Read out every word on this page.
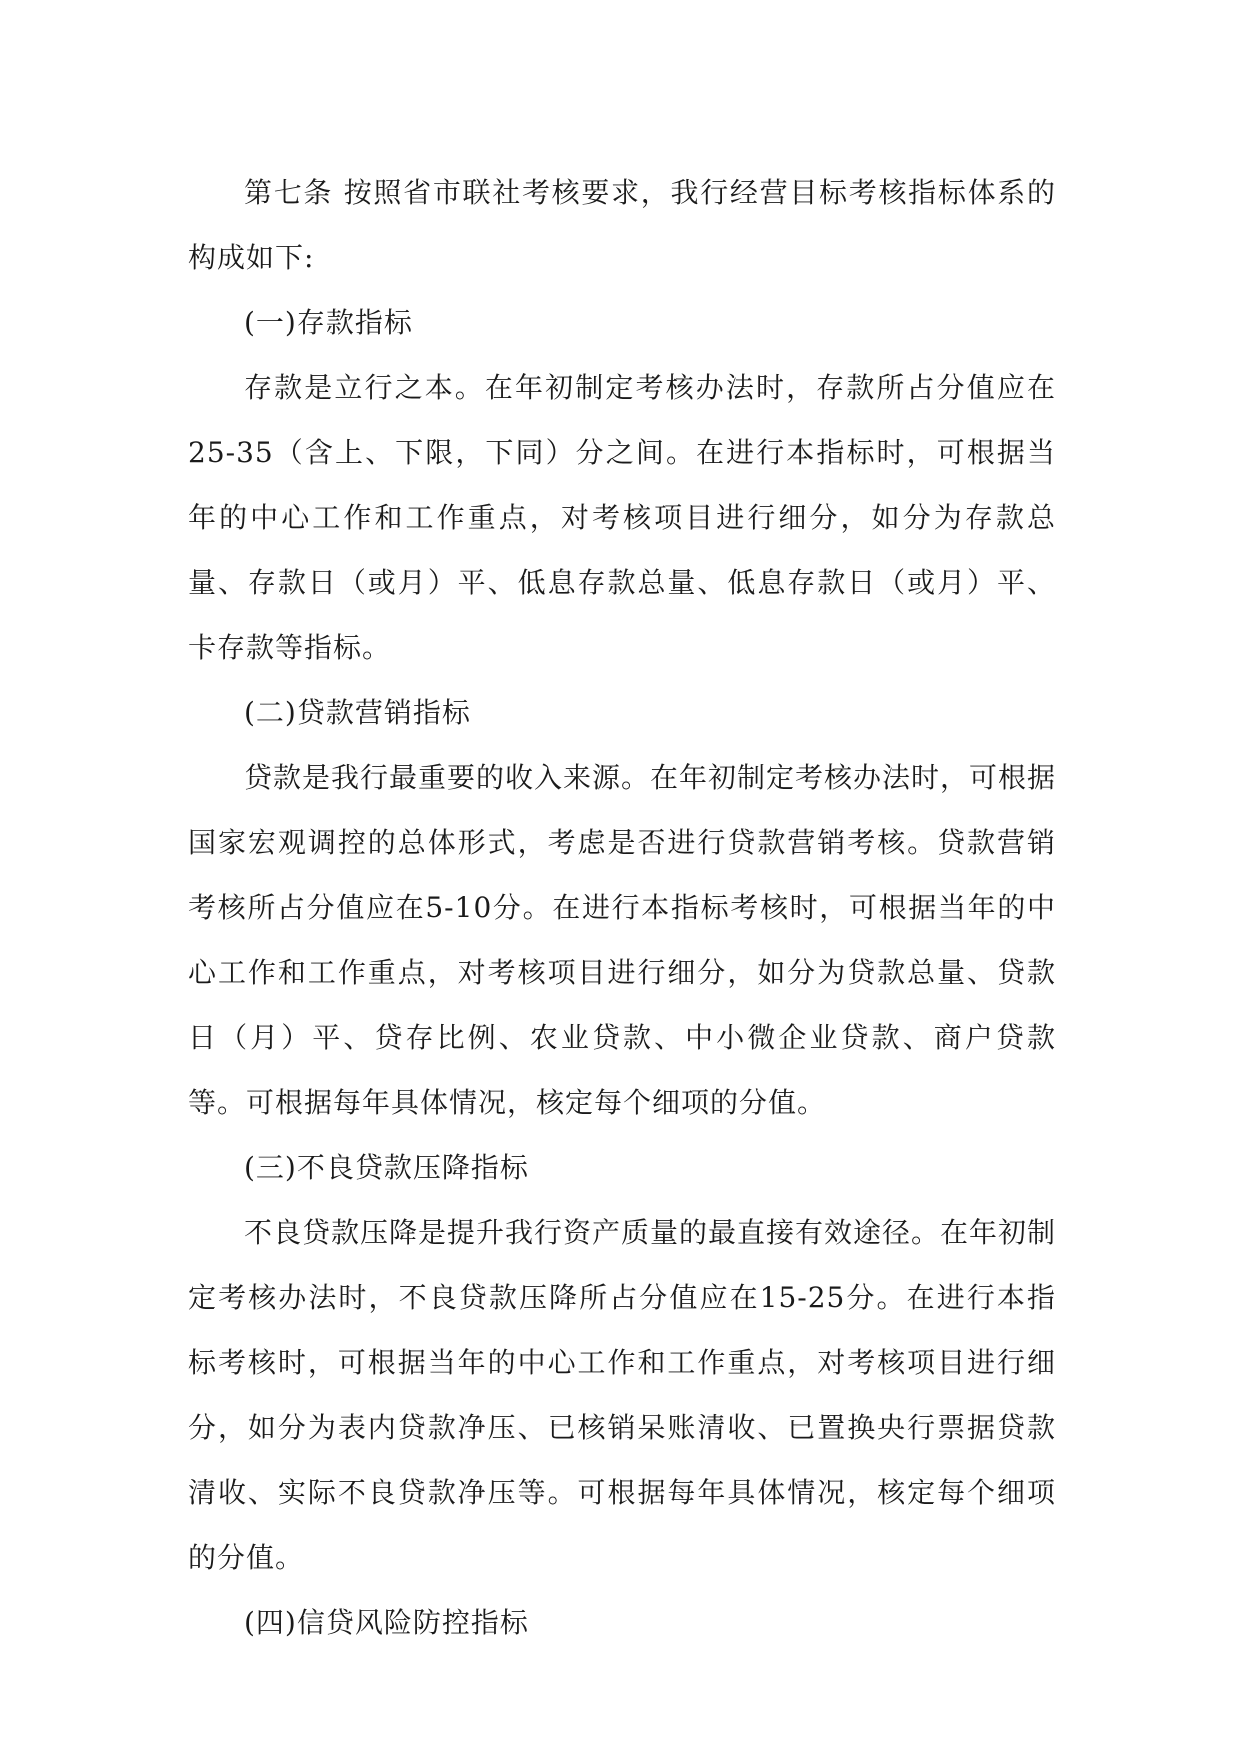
第七条 按照省市联社考核要求，我行经营目标考核指标体系的构成如下:

(一)存款指标

存款是立行之本。在年初制定考核办法时，存款所占分值应在25-35（含上、下限，下同）分之间。在进行本指标时，可根据当年的中心工作和工作重点，对考核项目进行细分，如分为存款总量、存款日（或月）平、低息存款总量、低息存款日（或月）平、卡存款等指标。

(二)贷款营销指标

贷款是我行最重要的收入来源。在年初制定考核办法时，可根据国家宏观调控的总体形式，考虑是否进行贷款营销考核。贷款营销考核所占分值应在5-10分。在进行本指标考核时，可根据当年的中心工作和工作重点，对考核项目进行细分，如分为贷款总量、贷款日（月）平、贷存比例、农业贷款、中小微企业贷款、商户贷款等。可根据每年具体情况，核定每个细项的分值。

(三)不良贷款压降指标

不良贷款压降是提升我行资产质量的最直接有效途径。在年初制定考核办法时，不良贷款压降所占分值应在15-25分。在进行本指标考核时，可根据当年的中心工作和工作重点，对考核项目进行细分，如分为表内贷款净压、已核销呆账清收、已置换央行票据贷款清收、实际不良贷款净压等。可根据每年具体情况，核定每个细项的分值。

(四)信贷风险防控指标
